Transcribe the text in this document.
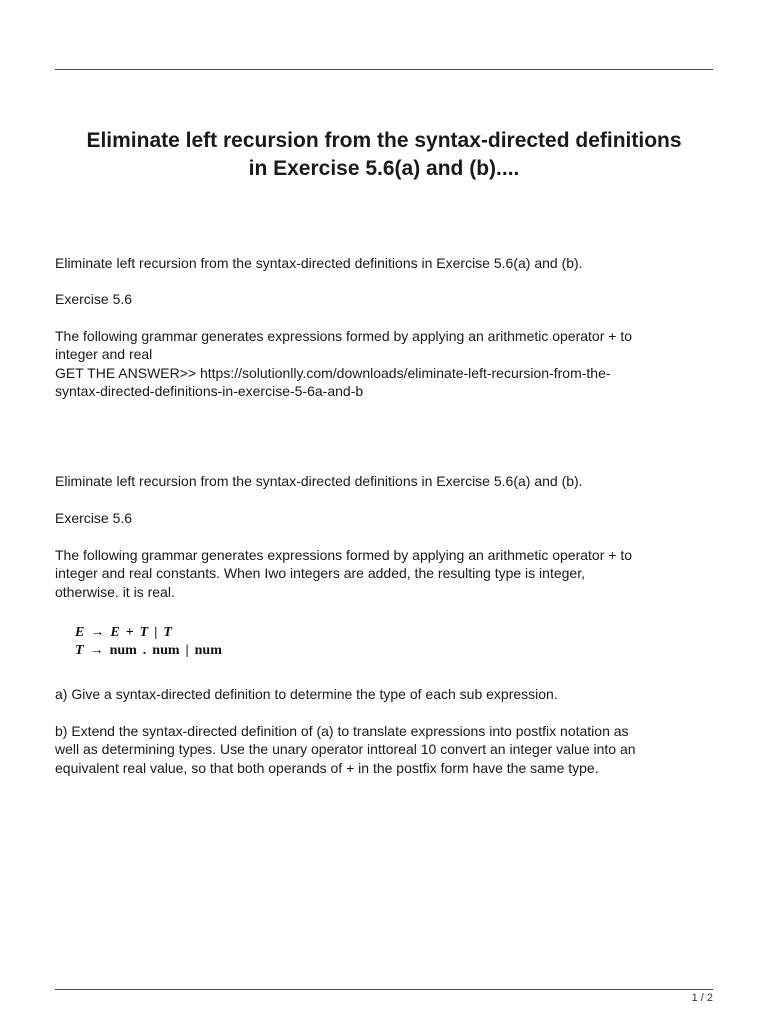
Eliminate left recursion from the syntax-directed definitions
in Exercise 5.6(a) and (b)....

Eliminate left recursion from the syntax-directed definitions in Exercise 5.6(a) and (b).

Exercise 5.6

The following grammar generates expressions formed by applying an arithmetic operator + to
integer and real
GET THE ANSWER>> https://solutionlly.com/downloads/eliminate-left-recursion-from-the-
syntax-directed-definitions-in-exercise-5-6a-and-b

Eliminate left recursion from the syntax-directed definitions in Exercise 5.6(a) and (b).

Exercise 5.6

The following grammar generates expressions formed by applying an arithmetic operator + to
integer and real constants. When Iwo integers are added, the resulting type is integer,
otherwise. it is real.

E → E + T | T
T → num . num | num

a) Give a syntax-directed definition to determine the type of each sub expression.

b) Extend the syntax-directed definition of (a) to translate expressions into postfix notation as
well as determining types. Use the unary operator inttoreal 10 convert an integer value into an
equivalent real value, so that both operands of + in the postfix form have the same type.

1 / 2
